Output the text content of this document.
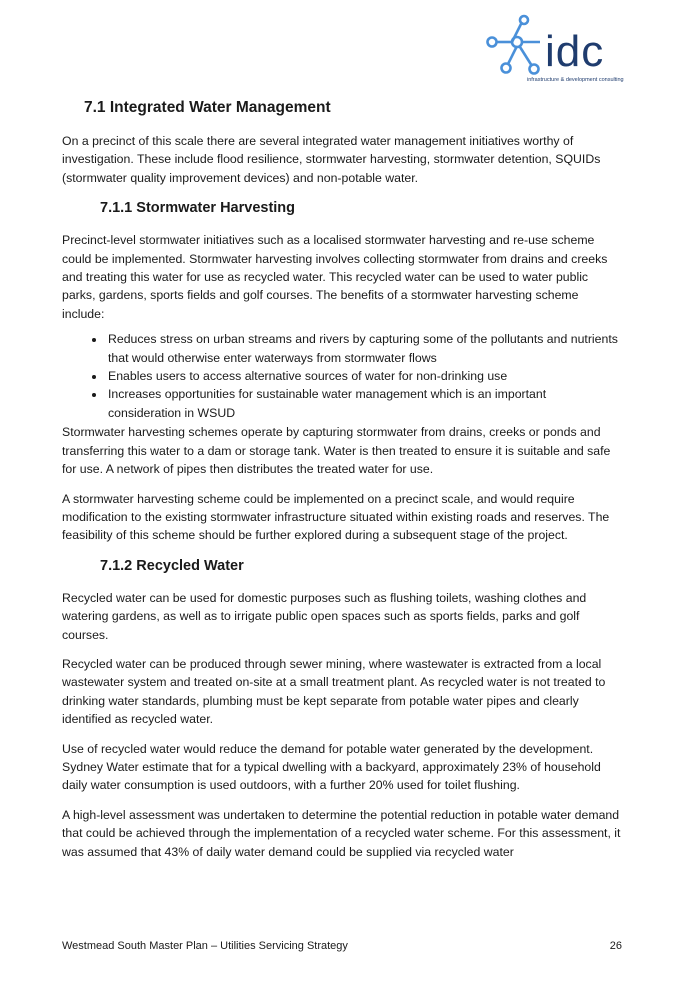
idc
infrastructure & development consulting
7.1 Integrated Water Management

On a precinct of this scale there are several integrated water management initiatives worthy of investigation. These include flood resilience, stormwater harvesting, stormwater detention, SQUIDs (stormwater quality improvement devices) and non-potable water.

7.1.1 Stormwater Harvesting

Precinct-level stormwater initiatives such as a localised stormwater harvesting and re-use scheme could be implemented. Stormwater harvesting involves collecting stormwater from drains and creeks and treating this water for use as recycled water. This recycled water can be used to water public parks, gardens, sports fields and golf courses. The benefits of a stormwater harvesting scheme include:

• Reduces stress on urban streams and rivers by capturing some of the pollutants and nutrients that would otherwise enter waterways from stormwater flows
• Enables users to access alternative sources of water for non-drinking use
• Increases opportunities for sustainable water management which is an important consideration in WSUD

Stormwater harvesting schemes operate by capturing stormwater from drains, creeks or ponds and transferring this water to a dam or storage tank. Water is then treated to ensure it is suitable and safe for use. A network of pipes then distributes the treated water for use.

A stormwater harvesting scheme could be implemented on a precinct scale, and would require modification to the existing stormwater infrastructure situated within existing roads and reserves. The feasibility of this scheme should be further explored during a subsequent stage of the project.

7.1.2 Recycled Water

Recycled water can be used for domestic purposes such as flushing toilets, washing clothes and watering gardens, as well as to irrigate public open spaces such as sports fields, parks and golf courses.

Recycled water can be produced through sewer mining, where wastewater is extracted from a local wastewater system and treated on-site at a small treatment plant. As recycled water is not treated to drinking water standards, plumbing must be kept separate from potable water pipes and clearly identified as recycled water.

Use of recycled water would reduce the demand for potable water generated by the development. Sydney Water estimate that for a typical dwelling with a backyard, approximately 23% of household daily water consumption is used outdoors, with a further 20% used for toilet flushing.

A high-level assessment was undertaken to determine the potential reduction in potable water demand that could be achieved through the implementation of a recycled water scheme. For this assessment, it was assumed that 43% of daily water demand could be supplied via recycled water

Westmead South Master Plan – Utilities Servicing Strategy	26
